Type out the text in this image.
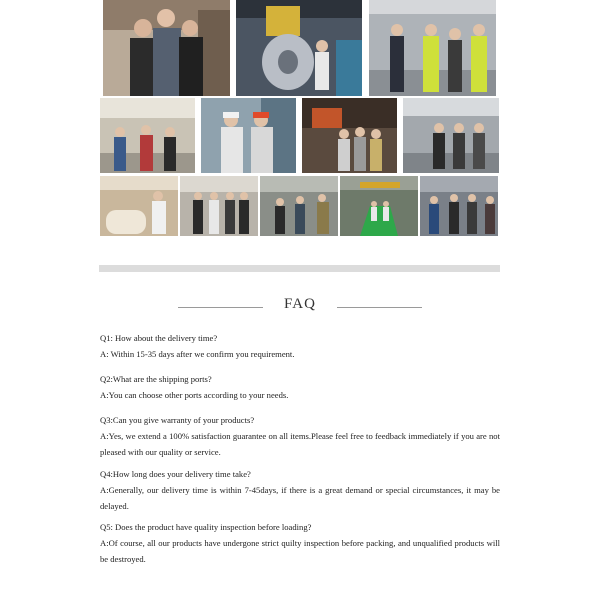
FAQ

Q1: How about the delivery time?

A: Within 15-35 days after we confirm you requirement.

Q2:What are the shipping ports?

A:You can choose other ports according to your needs.

Q3:Can you give warranty of your products?

A:Yes, we extend a 100% satisfaction guarantee on all items.Please feel free to feedback immediately if you are not pleased with our quality or service.

Q4:How long does your delivery time take?

A:Generally, our delivery time is within 7-45days, if there is a great demand or special circumstances, it may be delayed.

Q5: Does the product have quality inspection before loading?

A:Of course, all our products have undergone strict quilty inspection before packing, and unqualified products will be destroyed.
